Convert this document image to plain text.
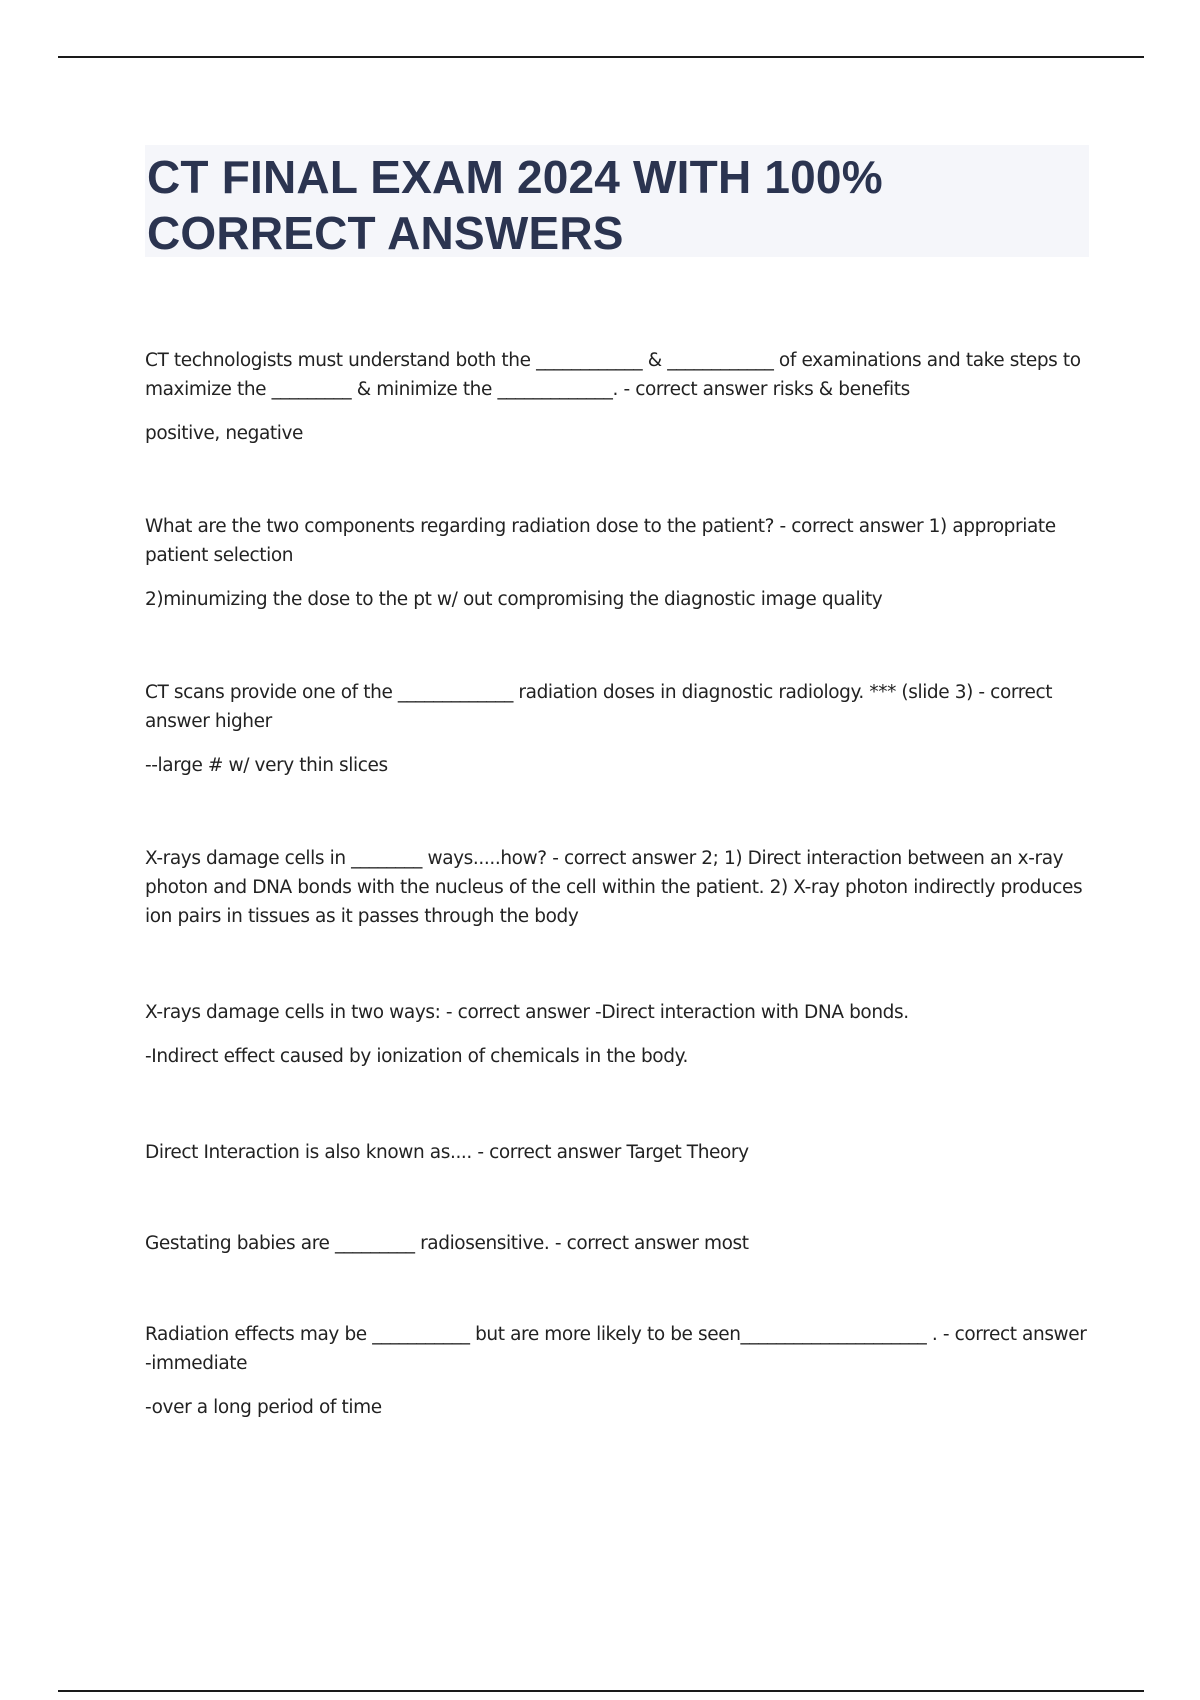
CT FINAL EXAM 2024 WITH 100% CORRECT ANSWERS

CT technologists must understand both the ____________ & ____________ of examinations and take steps to maximize the _________ & minimize the _____________. - correct answer risks & benefits

positive, negative

What are the two components regarding radiation dose to the patient? - correct answer 1) appropriate patient selection

2)minumizing the dose to the pt w/ out compromising the diagnostic image quality

CT scans provide one of the _____________ radiation doses in diagnostic radiology. *** (slide 3) - correct answer higher

--large # w/ very thin slices

X-rays damage cells in ________ ways.....how? - correct answer 2; 1) Direct interaction between an x-ray photon and DNA bonds with the nucleus of the cell within the patient. 2) X-ray photon indirectly produces ion pairs in tissues as it passes through the body

X-rays damage cells in two ways: - correct answer -Direct interaction with DNA bonds.

-Indirect effect caused by ionization of chemicals in the body.

Direct Interaction is also known as.... - correct answer Target Theory

Gestating babies are _________ radiosensitive. - correct answer most

Radiation effects may be ___________ but are more likely to be seen_____________________ . - correct answer -immediate

-over a long period of time
